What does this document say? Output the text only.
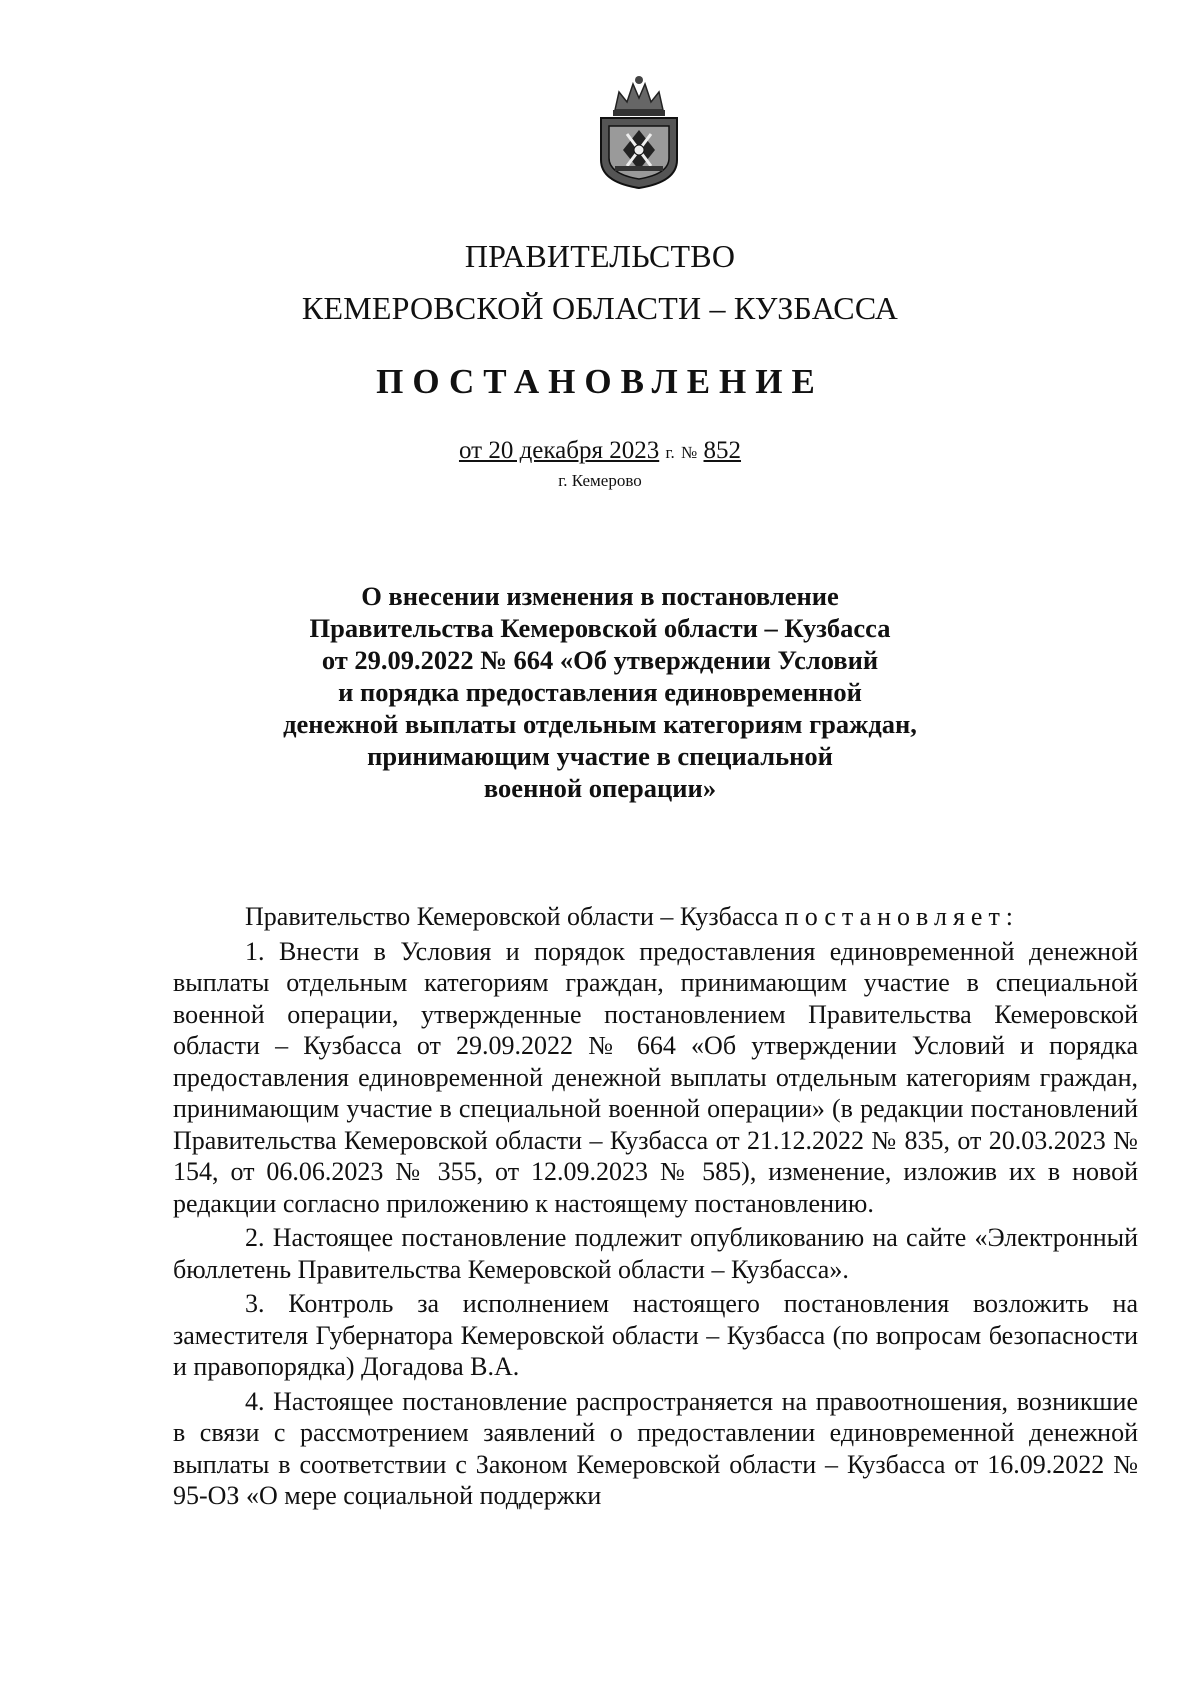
ПРАВИТЕЛЬСТВО
КЕМЕРОВСКОЙ ОБЛАСТИ – КУЗБАССА
ПОСТАНОВЛЕНИЕ
от 20 декабря 2023 г. № 852
г. Кемерово
О внесении изменения в постановление
Правительства Кемеровской области – Кузбасса
от 29.09.2022 № 664 «Об утверждении Условий
и порядка предоставления единовременной
денежной выплаты отдельным категориям граждан,
принимающим участие в специальной
военной операции»

Правительство Кемеровской области – Кузбасса постановляет:

1. Внести в Условия и порядок предоставления единовременной денежной выплаты отдельным категориям граждан, принимающим участие в специальной военной операции, утвержденные постановлением Правительства Кемеровской области – Кузбасса от 29.09.2022 № 664 «Об утверждении Условий и порядка предоставления единовременной денежной выплаты отдельным категориям граждан, принимающим участие в специальной военной операции» (в редакции постановлений Правительства Кемеровской области – Кузбасса от 21.12.2022 № 835, от 20.03.2023 № 154, от 06.06.2023 № 355, от 12.09.2023 № 585), изменение, изложив их в новой редакции согласно приложению к настоящему постановлению.

2. Настоящее постановление подлежит опубликованию на сайте «Электронный бюллетень Правительства Кемеровской области – Кузбасса».

3. Контроль за исполнением настоящего постановления возложить на заместителя Губернатора Кемеровской области – Кузбасса (по вопросам безопасности и правопорядка) Догадова В.А.

4. Настоящее постановление распространяется на правоотношения, возникшие в связи с рассмотрением заявлений о предоставлении единовременной денежной выплаты в соответствии с Законом Кемеровской области – Кузбасса от 16.09.2022 № 95-ОЗ «О мере социальной поддержки
